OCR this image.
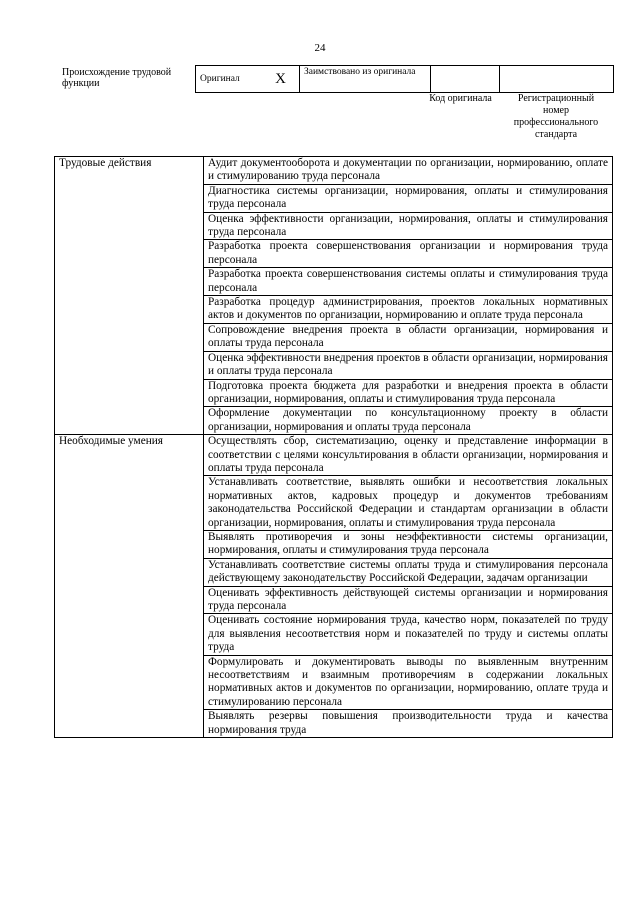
24
Происхождение трудовой функции	Оригинал	X	Заимствовано из оригинала		
Код оригинала	Регистрационный номер профессионального стандарта
Трудовые действия	Аудит документооборота и документации по организации, нормированию, оплате и стимулированию труда персонала
	Диагностика системы организации, нормирования, оплаты и стимулирования труда персонала
	Оценка эффективности организации, нормирования, оплаты и стимулирования труда персонала
	Разработка проекта совершенствования организации и нормирования труда персонала
	Разработка проекта совершенствования системы оплаты и стимулирования труда персонала
	Разработка процедур администрирования, проектов локальных нормативных актов и документов по организации, нормированию и оплате труда персонала
	Сопровождение внедрения проекта в области организации, нормирования и оплаты труда персонала
	Оценка эффективности внедрения проектов в области организации, нормирования и оплаты труда персонала
	Подготовка проекта бюджета для разработки и внедрения проекта в области организации, нормирования, оплаты и стимулирования труда персонала
	Оформление документации по консультационному проекту в области организации, нормирования и оплаты труда персонала
Необходимые умения	Осуществлять сбор, систематизацию, оценку и представление информации в соответствии с целями консультирования в области организации, нормирования и оплаты труда персонала
	Устанавливать соответствие, выявлять ошибки и несоответствия локальных нормативных актов, кадровых процедур и документов требованиям законодательства Российской Федерации и стандартам организации в области организации, нормирования, оплаты и стимулирования труда персонала
	Выявлять противоречия и зоны неэффективности системы организации, нормирования, оплаты и стимулирования труда персонала
	Устанавливать соответствие системы оплаты труда и стимулирования персонала действующему законодательству Российской Федерации, задачам организации
	Оценивать эффективность действующей системы организации и нормирования труда персонала
	Оценивать состояние нормирования труда, качество норм, показателей по труду для выявления несоответствия норм и показателей по труду и системы оплаты труда
	Формулировать и документировать выводы по выявленным внутренним несоответствиям и взаимным противоречиям в содержании локальных нормативных актов и документов по организации, нормированию, оплате труда и стимулированию персонала
	Выявлять резервы повышения производительности труда и качества нормирования труда
